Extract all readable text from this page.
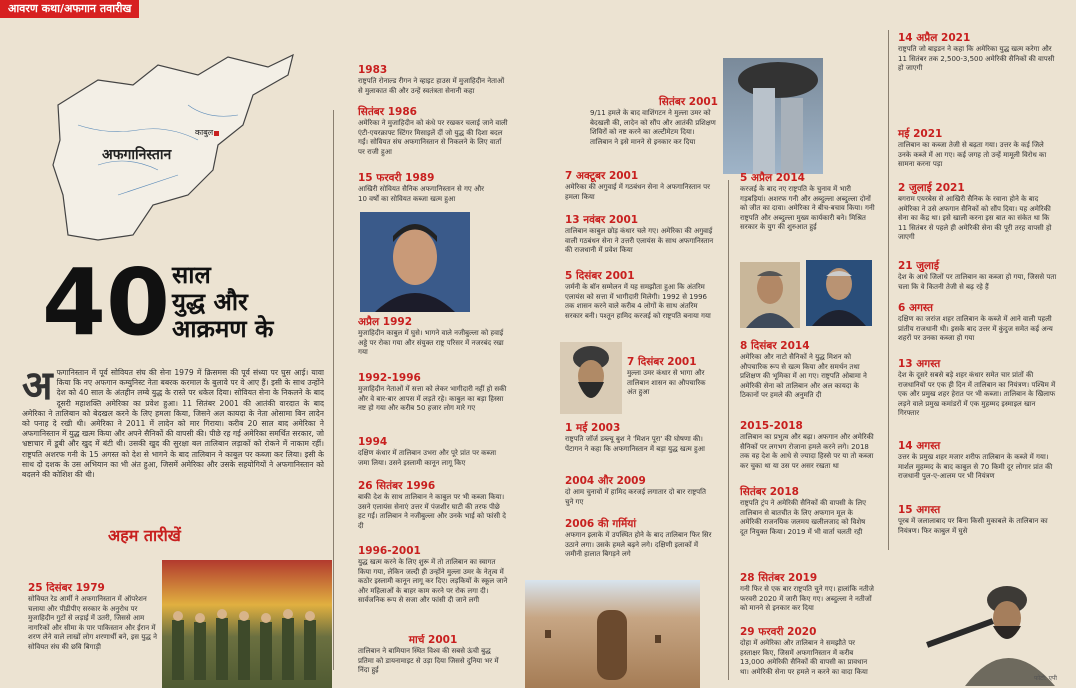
आवरण कथा/अफगान तवारीख
अफगानिस्तान
काबुल
40 साल
युद्ध और
आक्रमण के
अफगानिस्तान में पूर्व सोवियत संघ की सेना 1979 में क्रिसमस की पूर्व संध्या पर घुस आई। यावा किया कि नए अफगान कम्युनिस्ट नेता बबरक करमाल के बुलावे पर वे आए हैं। इसी के साथ उन्होंने देश को 40 साल के अंतहीन लम्बे युद्ध के रास्ते पर धकेल दिया। सोवियत सेना के निकलने के बाद दूसरी महाशक्ति अमेरिका का प्रवेश हुआ। 11 सितंबर 2001 की आतंकी वारदात के बाद अमेरिका ने तालिबान को बेदखल करने के लिए हमला किया, जिसने अल कायदा के नेता ओसामा बिन लादेन को पनाह दे रखी थी। अमेरिका ने 2011 में लादेन को मार गिराया। करीब 20 साल बाद अमेरिका ने अफगानिस्तान में युद्ध खत्म किया और अपने सैनिकों की वापसी की। पीछे रह गई अमेरिका समर्थित सरकार, जो भ्रष्टाचार में डूबी और खुद में बंटी थी। उसकी खुद की सुरक्षा बल तालिबान लड़ाकों को रोकने में नाकाम रहीं। राष्ट्रपति अशरफ गनी के 15 अगस्त को देश से भागने के बाद तालिबान ने काबुल पर कब्जा कर लिया। इसी के साथ दो दशक के उस अभियान का भी अंत हुआ, जिसमें अमेरिका और उसके सहयोगियों ने अफगानिस्तान को बदलने की कोशिश की थी।
अहम तारीखें
25 दिसंबर 1979
सोवियत रेड आर्मी ने अफगानिस्तान में ऑपरेशन चलाया और पीडीपीए सरकार के अनुरोध पर मुजाहिदीन गुटों से लड़ाई में उतरी, जिससे आम नागरिकों और सीमा के पार पाकिस्तान और ईरान में शरण लेने वाले लाखों लोग शरणार्थी बने, इस युद्ध ने सोवियत संघ की छवि बिगाड़ी
1983
राष्ट्रपति रोनाल्ड रीगन ने व्हाइट हाउस में मुजाहिदीन नेताओं से मुलाकात की और उन्हें स्वतंत्रता सेनानी कहा
सितंबर 1986
अमेरिका ने मुजाहिदीन को कंधे पर रखकर चलाई जाने वाली एंटी-एयरक्राफ्ट स्टिंगर मिसाइलें दीं जो युद्ध की दिशा बदल गईं। सोवियत संघ अफगानिस्तान से निकलने के लिए वार्ता पर राजी हुआ
15 फरवरी 1989
आखिरी सोवियत सैनिक अफगानिस्तान से गए और 10 वर्षों का सोवियत कब्जा खत्म हुआ
अप्रैल 1992
मुजाहिदीन काबुल में घुसे। भागने वाले नजीबुल्ला को हवाई अड्डे पर रोका गया और संयुक्त राष्ट्र परिसर में नजरबंद रखा गया
1992-1996
मुजाहिदीन नेताओं में सत्ता को लेकर भागीदारी नहीं हो सकी और वे बार-बार आपस में लड़ते रहे। काबुल का बड़ा हिस्सा नष्ट हो गया और करीब 50 हजार लोग मारे गए
1994
दक्षिण कंधार में तालिबान उभरा और पूरे प्रांत पर कब्जा जमा लिया। उसने इस्लामी कानून लागू किए
26 सितंबर 1996
बाकी देश के साथ तालिबान ने काबुल पर भी कब्जा किया। उसने एलायंस सेनाएं उत्तर में पंजशीर घाटी की तरफ पीछे हट गईं। तालिबान ने नजीबुल्ला और उनके भाई को फांसी दे दी
1996-2001
युद्ध खत्म करने के लिए शुरू में तो तालिबान का स्वागत किया गया, लेकिन जल्दी ही उन्होंने मुल्ला उमर के नेतृत्व में कठोर इस्लामी कानून लागू कर दिए। लड़कियों के स्कूल जाने और महिलाओं के बाहर काम करने पर रोक लगा दी। सार्वजनिक रूप से सजा और फांसी दी जाने लगी
मार्च 2001
तालिबान ने बामियान स्थित विश्व की सबसे ऊंची बुद्ध प्रतिमा को डायनामाइट से उड़ा दिया जिससे दुनिया भर में निंदा हुई
सितंबर 2001
9/11 हमले के बाद वाशिंगटन ने मुल्ला उमर को बेदखली की, लादेन को सौंप और आतंकी प्रशिक्षण शिविरों को नष्ट करने का अल्टीमेटम दिया। तालिबान ने इसे मानने से इनकार कर दिया
7 अक्टूबर 2001
अमेरिका की अगुवाई में गठबंधन सेना ने अफगानिस्तान पर हमला किया
13 नवंबर 2001
तालिबान काबुल छोड़ कंधार चले गए। अमेरिका की अगुवाई वाली गठबंधन सेना ने उत्तरी एलायंस के साथ अफगानिस्तान की राजधानी में प्रवेश किया
5 दिसंबर 2001
जर्मनी के बॉन सम्मेलन में यह समझौता हुआ कि अंतरिम एलायंस को सत्ता में भागीदारी मिलेगी। 1992 से 1996 तक शासन करने वाले करीब 4 लोगों के साथ अंतरिम सरकार बनी। पश्तून हामिद करजई को राष्ट्रपति बनाया गया
7 दिसंबर 2001
मुल्ला उमर कंधार से भागा और तालिबान शासन का औपचारिक अंत हुआ
1 मई 2003
राष्ट्रपति जॉर्ज डब्ल्यू बुश ने 'मिशन पूरा' की घोषणा की। पेंटागन ने कहा कि अफगानिस्तान में बड़ा युद्ध खत्म हुआ
2004 और 2009
दो आम चुनावों में हामिद करजई लगातार दो बार राष्ट्रपति चुने गए
2006 की गर्मियां
अफगान इलाके में उपस्थित होने के बाद तालिबान फिर सिर उठाने लगा। उसके हमले बढ़ने लगे। दक्षिणी इलाकों में जमीनी हालात बिगड़ने लगे
5 अप्रैल 2014
करजई के बाद नए राष्ट्रपति के चुनाव में भारी गड़बड़ियां। अशरफ गनी और अब्दुल्ला अब्दुल्ला दोनों को जीत का दावा। अमेरिका ने बीच-बचाव किया। गनी राष्ट्रपति और अब्दुल्ला मुख्य कार्यकारी बने। मिश्रित सरकार के युग की शुरुआत हुई
8 दिसंबर 2014
अमेरिका और नाटो सैनिकों ने युद्ध मिशन को औपचारिक रूप से खत्म किया और समर्थन तथा प्रशिक्षण की भूमिका में आ गए। राष्ट्रपति ओबामा ने अमेरिकी सेना को तालिबान और अल कायदा के ठिकानों पर हमले की अनुमति दी
2015-2018
तालिबान का प्रभुत्व और बढ़ा। अफगान और अमेरिकी सैनिकों पर लगभग रोजाना हमले करने लगे। 2018 तक वह देश के आधे से ज्यादा हिस्से पर या तो कब्जा कर चुका था या उस पर असर रखता था
सितंबर 2018
राष्ट्रपति ट्रंप ने अमेरिकी सैनिकों की वापसी के लिए तालिबान से बातचीत के लिए अफगान मूल के अमेरिकी राजनयिक जलमय खलीलजाद को विशेष दूत नियुक्त किया। 2019 में भी वार्ता चलती रही
28 सितंबर 2019
गनी फिर से एक बार राष्ट्रपति चुने गए। हालांकि नतीजे फरवरी 2020 में जारी किए गए। अब्दुल्ला ने नतीजों को मानने से इनकार कर दिया
29 फरवरी 2020
दोहा में अमेरिका और तालिबान ने समझौते पर हस्ताक्षर किए, जिसमें अफगानिस्तान में करीब 13,000 अमेरिकी सैनिकों की वापसी का प्रावधान था। अमेरिकी सेना पर हमले न करने का वादा किया
14 अप्रैल 2021
राष्ट्रपति जो बाइडन ने कहा कि अमेरिका युद्ध खत्म करेगा और 11 सितंबर तक 2,500-3,500 अमेरिकी सैनिकों की वापसी हो जाएगी
मई 2021
तालिबान का कब्जा तेजी से बढ़ता गया। उत्तर के कई जिले उनके कब्जे में आ गए। कई जगह तो उन्हें मामूली विरोध का सामना करना पड़ा
2 जुलाई 2021
बगराम एयरबेस से आखिरी सैनिक के रवाना होने के बाद अमेरिका ने उसे अफगान सैनिकों को सौंप दिया। यह अमेरिकी सेना का केंद्र था। इसे खाली करना इस बात का संकेत था कि 11 सितंबर से पहले ही अमेरिकी सेना की पूरी तरह वापसी हो जाएगी
21 जुलाई
देश के आधे जिलों पर तालिबान का कब्जा हो गया, जिससे पता चला कि वे कितनी तेजी से बढ़ रहे हैं
6 अगस्त
दक्षिण का जरांज शहर तालिबान के कब्जे में आने वाली पहली प्रांतीय राजधानी थी। इसके बाद उत्तर में कुंदुज समेत कई अन्य शहरों पर उनका कब्जा हो गया
13 अगस्त
देश के दूसरे सबसे बड़े शहर कंधार समेत चार प्रांतों की राजधानियों पर एक ही दिन में तालिबान का नियंत्रण। पश्चिम में एक और प्रमुख शहर हेरात पर भी कब्जा। तालिबान के खिलाफ लड़ने वाले प्रमुख कमांडरों में एक मुहम्मद इस्माइल खान गिरफ्तार
14 अगस्त
उत्तर के प्रमुख शहर मजार शरीफ तालिबान के कब्जे में गया। मार्शल मुहम्मद के बाद काबुल से 70 किमी दूर लोगार प्रांत की राजधानी पुल-ए-आलम पर भी नियंत्रण
15 अगस्त
पूरब में जलालाबाद पर बिना किसी मुकाबले के तालिबान का नियंत्रण। फिर काबुल में घुसे
फोटो: एपी
